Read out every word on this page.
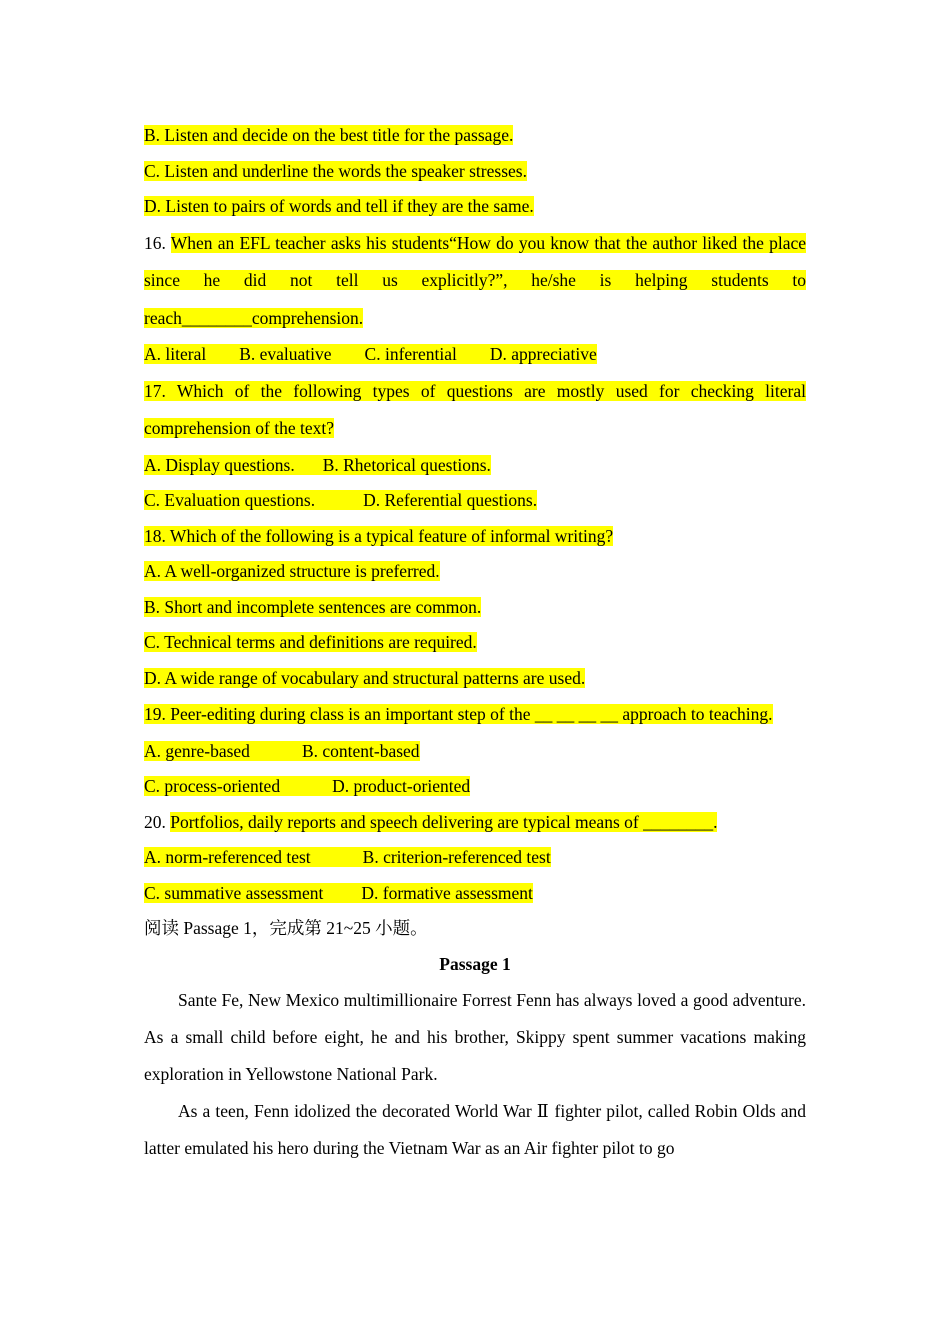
B. Listen and decide on the best title for the passage.
C. Listen and underline the words the speaker stresses.
D. Listen to pairs of words and tell if they are the same.
16. When an EFL teacher asks his students“How do you know that the author liked the place since he did not tell us explicitly?”, he/she is helping students to reach________comprehension.
A. literal B. evaluative C. inferential D. appreciative
17. Which of the following types of questions are mostly used for checking literal comprehension of the text?
A. Display questions. B. Rhetorical questions.
C. Evaluation questions.	D. Referential questions.
18. Which of the following is a typical feature of informal writing?
A. A well-organized structure is preferred.
B. Short and incomplete sentences are common.
C. Technical terms and definitions are required.
D. A wide range of vocabulary and structural patterns are used.
19. Peer-editing during class is an important step of the __ __ __ __ approach to teaching.
A. genre-based	B. content-based
C. process-oriented	D. product-oriented
20. Portfolios, daily reports and speech delivering are typical means of ________.
A. norm-referenced test	B. criterion-referenced test
C. summative assessment D. formative assessment
阅读 Passage 1，完成第 21~25 小题。
Passage 1
Sante Fe, New Mexico multimillionaire Forrest Fenn has always loved a good adventure. As a small child before eight, he and his brother, Skippy spent summer vacations making exploration in Yellowstone National Park.
As a teen, Fenn idolized the decorated World War Ⅱ fighter pilot, called Robin Olds and latter emulated his hero during the Vietnam War as an Air fighter pilot to go
